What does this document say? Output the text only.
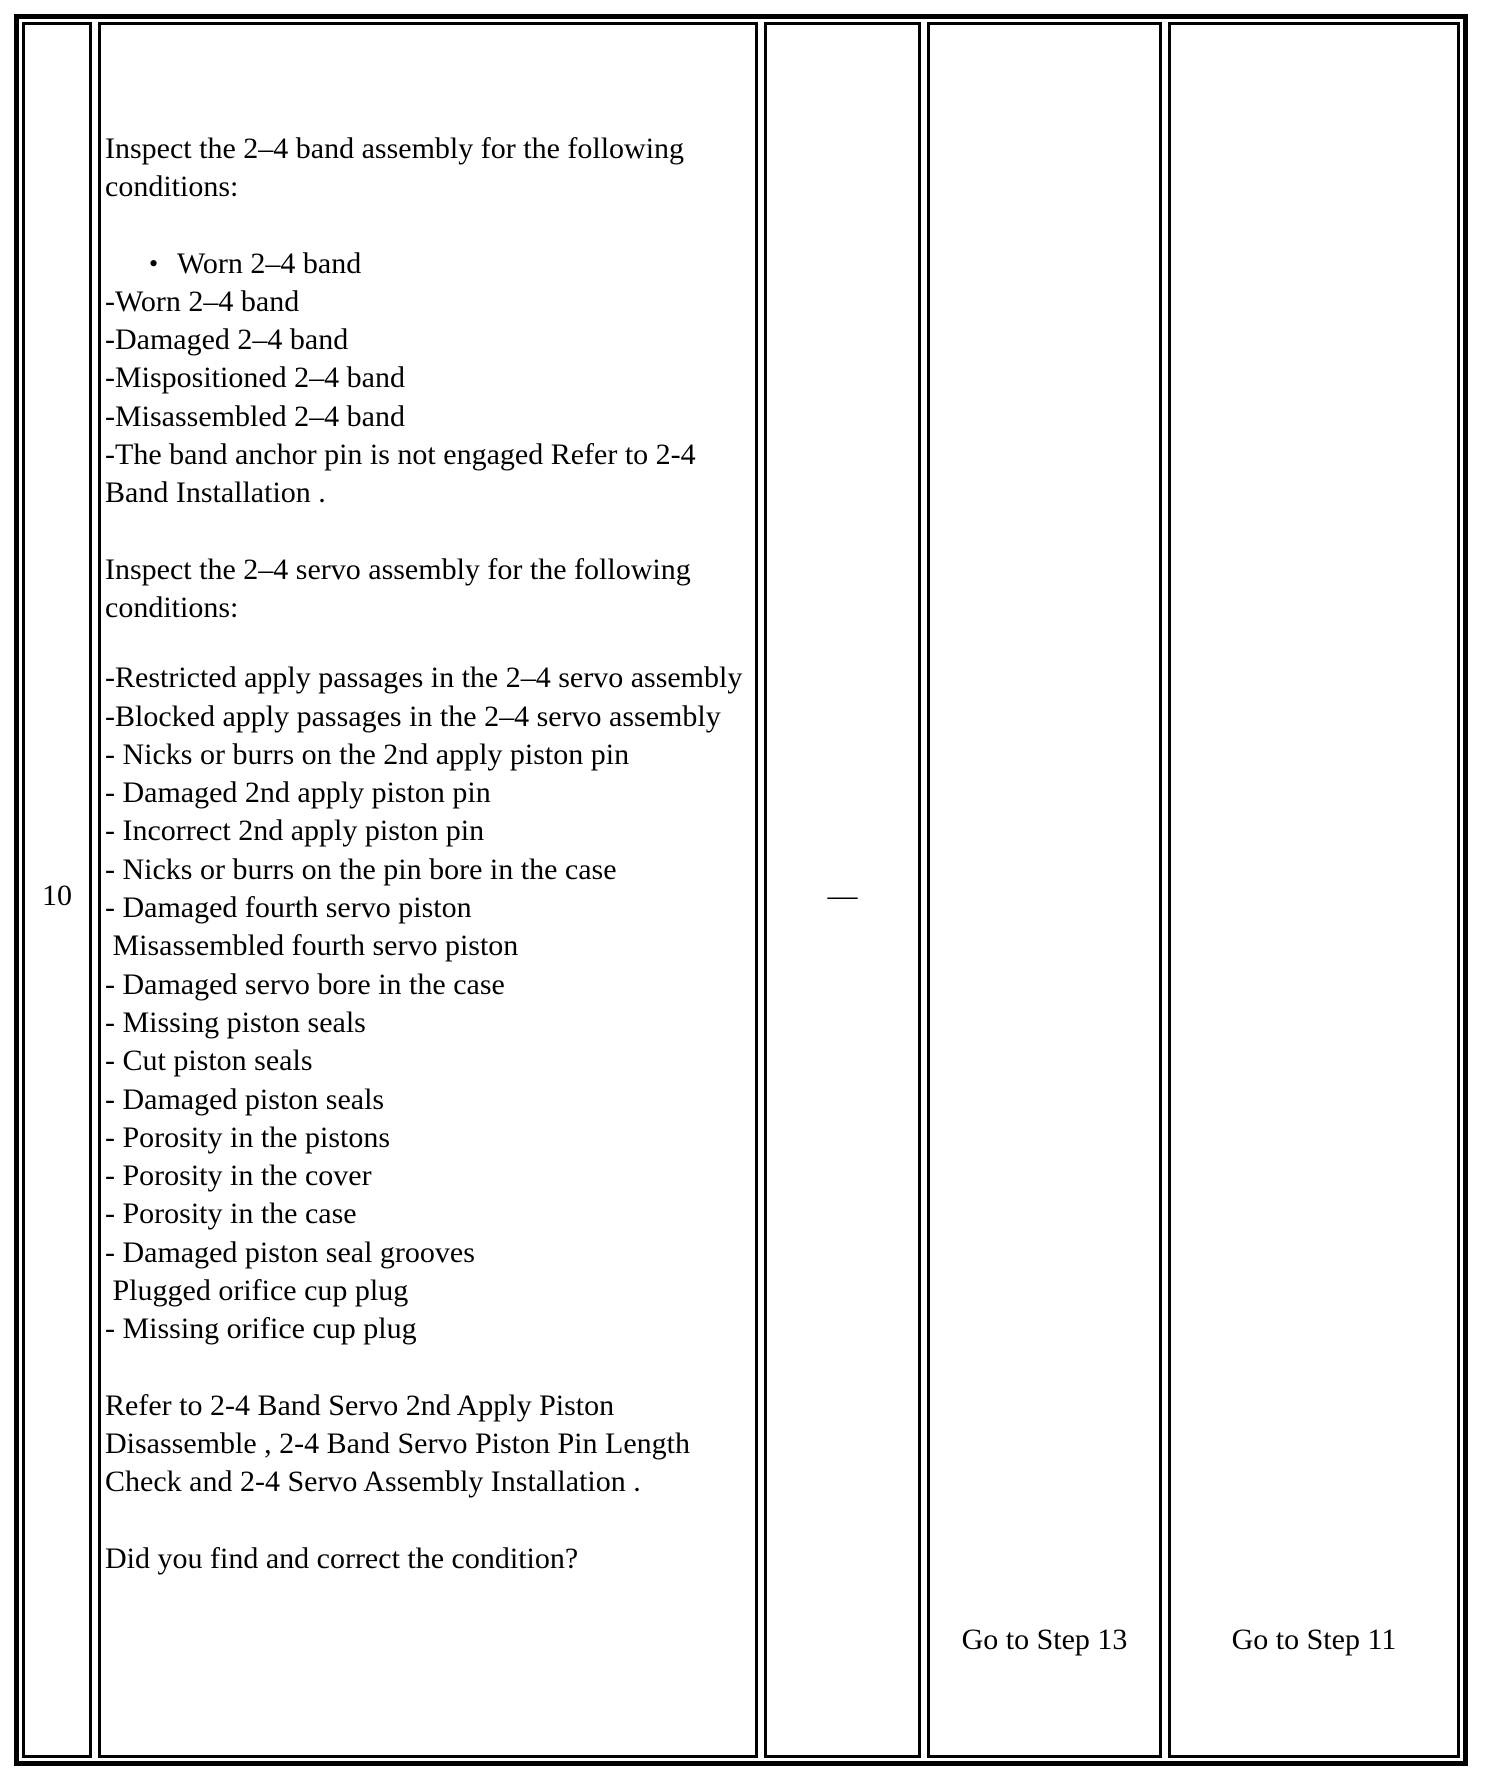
10

Inspect the 2–4 band assembly for the following conditions:

• Worn 2–4 band
-Worn 2–4 band
-Damaged 2–4 band
-Mispositioned 2–4 band
-Misassembled 2–4 band
-The band anchor pin is not engaged Refer to 2-4 Band Installation .

Inspect the 2–4 servo assembly for the following conditions:

-Restricted apply passages in the 2–4 servo assembly
-Blocked apply passages in the 2–4 servo assembly
- Nicks or burrs on the 2nd apply piston pin
- Damaged 2nd apply piston pin
- Incorrect 2nd apply piston pin
- Nicks or burrs on the pin bore in the case
- Damaged fourth servo piston
Misassembled fourth servo piston
- Damaged servo bore in the case
- Missing piston seals
- Cut piston seals
- Damaged piston seals
- Porosity in the pistons
- Porosity in the cover
- Porosity in the case
- Damaged piston seal grooves
Plugged orifice cup plug
- Missing orifice cup plug

Refer to 2-4 Band Servo 2nd Apply Piston Disassemble , 2-4 Band Servo Piston Pin Length Check and 2-4 Servo Assembly Installation .

Did you find and correct the condition?

—
Go to Step 13	Go to Step 11
